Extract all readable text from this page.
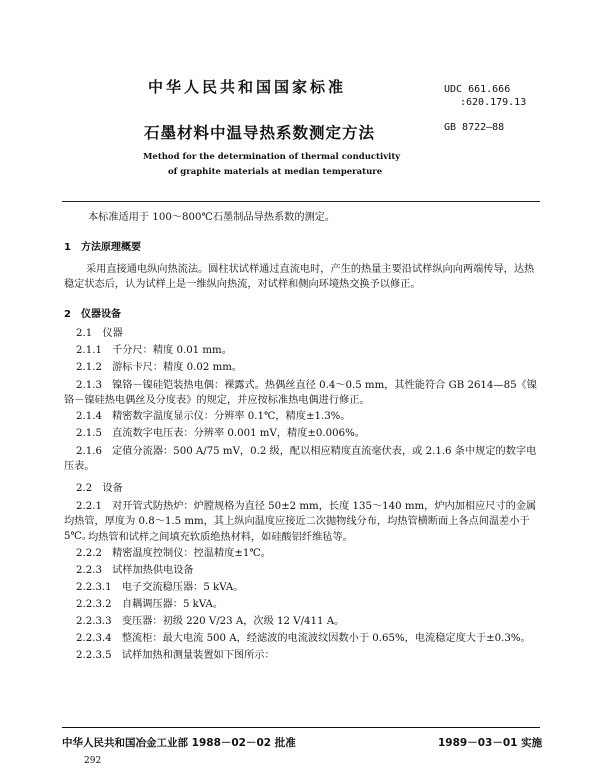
中华人民共和国国家标准	UDC 661.666
:620.179.13
石墨材料中温导热系数测定方法	GB 8722—88
Method for the determination of thermal conductivity
of graphite materials at median temperature
本标准适用于 100～800℃石墨制品导热系数的测定。
1　方法原理概要
采用直接通电纵向热流法。圆柱状试样通过直流电时，产生的热量主要沿试样纵向向两端传导，达热稳定状态后，认为试样上是一维纵向热流，对试样和侧向环境热交换予以修正。
2　仪器设备
2.1　仪器
2.1.1　千分尺：精度 0.01 mm。
2.1.2　游标卡尺：精度 0.02 mm。
2.1.3　镍铬－镍硅铠装热电偶：裸露式。热偶丝直径 0.4～0.5 mm，其性能符合 GB 2614—85《镍铬－镍硅热电偶丝及分度表》的规定，并应按标准热电偶进行修正。
2.1.4　精密数字温度显示仪：分辨率 0.1℃，精度±1.3%。
2.1.5　直流数字电压表：分辨率 0.001 mV，精度±0.006%。
2.1.6　定值分流器：500 A/75 mV，0.2 级，配以相应精度直流毫伏表，或 2.1.6 条中规定的数字电压表。
2.2　设备
2.2.1　对开管式防热炉：炉膛规格为直径 50±2 mm，长度 135～140 mm，炉内加相应尺寸的金属均热管，厚度为 0.8～1.5 mm，其上纵向温度应接近二次抛物线分布，均热管横断面上各点间温差小于 5℃。
均热管和试样之间填充软质绝热材料，如硅酸铝纤维毡等。
2.2.2　精密温度控制仪：控温精度±1℃。
2.2.3　试样加热供电设备
2.2.3.1　电子交流稳压器：5 kVA。
2.2.3.2　自耦调压器：5 kVA。
2.2.3.3　变压器：初级 220 V/23 A，次级 12 V/411 A。
2.2.3.4　整流柜：最大电流 500 A，经滤波的电流波纹因数小于 0.65%，电流稳定度大于±0.3%。
2.2.3.5　试样加热和测量装置如下图所示：
中华人民共和国冶金工业部 1988－02－02 批准	1989－03－01 实施
292
